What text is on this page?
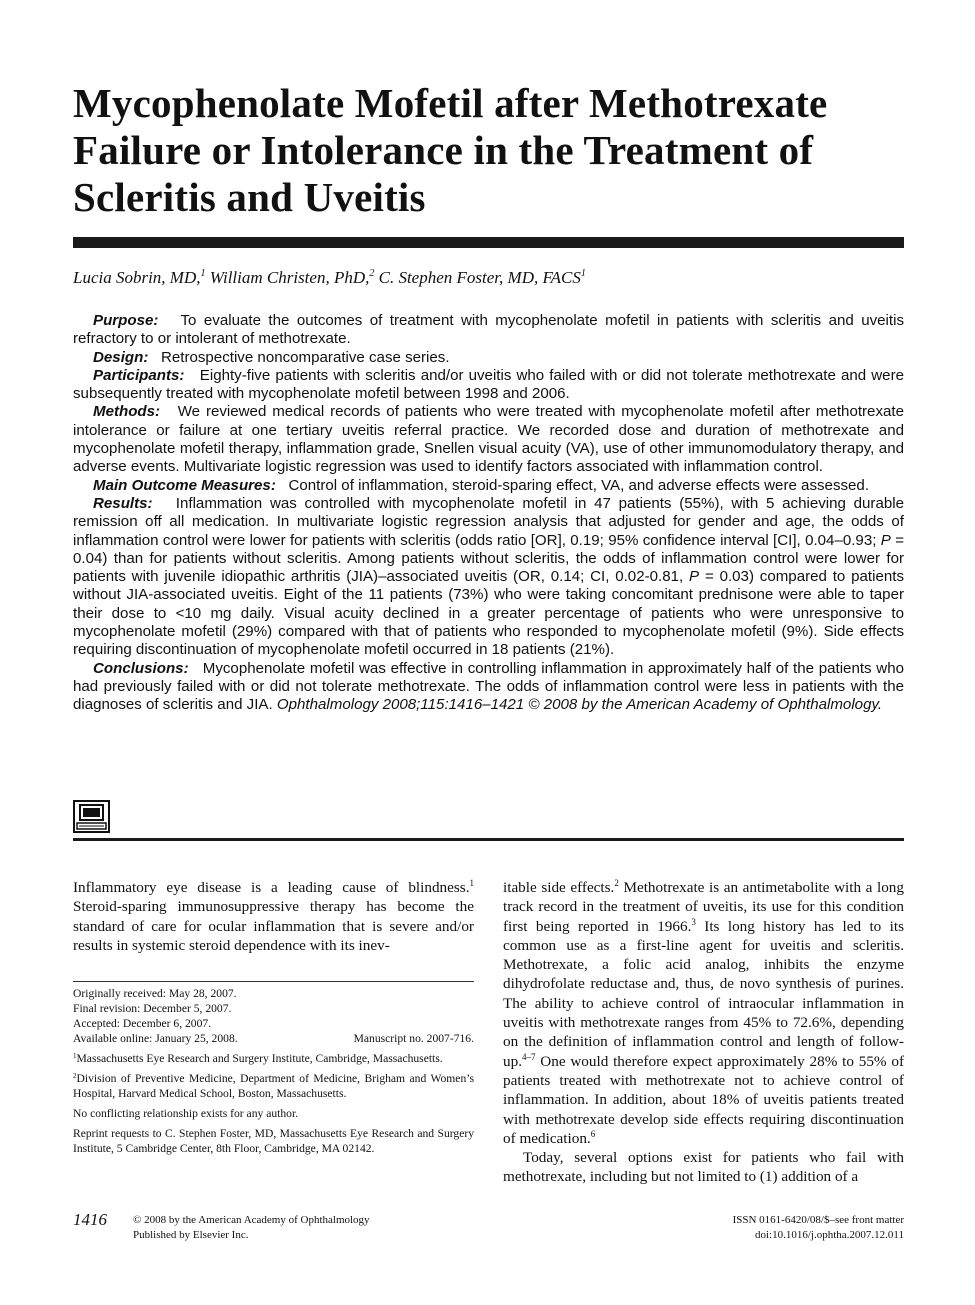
Mycophenolate Mofetil after Methotrexate Failure or Intolerance in the Treatment of Scleritis and Uveitis
Lucia Sobrin, MD,$^1$ William Christen, PhD,$^2$ C. Stephen Foster, MD, FACS$^1$

Purpose: To evaluate the outcomes of treatment with mycophenolate mofetil in patients with scleritis and uveitis refractory to or intolerant of methotrexate.

Design: Retrospective noncomparative case series.

Participants: Eighty-five patients with scleritis and/or uveitis who failed with or did not tolerate methotrexate and were subsequently treated with mycophenolate mofetil between 1998 and 2006.

Methods: We reviewed medical records of patients who were treated with mycophenolate mofetil after methotrexate intolerance or failure at one tertiary uveitis referral practice. We recorded dose and duration of methotrexate and mycophenolate mofetil therapy, inflammation grade, Snellen visual acuity (VA), use of other immunomodulatory therapy, and adverse events. Multivariate logistic regression was used to identify factors associated with inflammation control.

Main Outcome Measures: Control of inflammation, steroid-sparing effect, VA, and adverse effects were assessed.

Results: Inflammation was controlled with mycophenolate mofetil in 47 patients (55%), with 5 achieving durable remission off all medication. In multivariate logistic regression analysis that adjusted for gender and age, the odds of inflammation control were lower for patients with scleritis (odds ratio [OR], 0.19; 95% confidence interval [CI], 0.04–0.93; P = 0.04) than for patients without scleritis. Among patients without scleritis, the odds of inflammation control were lower for patients with juvenile idiopathic arthritis (JIA)–associated uveitis (OR, 0.14; CI, 0.02-0.81, P = 0.03) compared to patients without JIA-associated uveitis. Eight of the 11 patients (73%) who were taking concomitant prednisone were able to taper their dose to <10 mg daily. Visual acuity declined in a greater percentage of patients who were unresponsive to mycophenolate mofetil (29%) compared with that of patients who responded to mycophenolate mofetil (9%). Side effects requiring discontinuation of mycophenolate mofetil occurred in 18 patients (21%).

Conclusions: Mycophenolate mofetil was effective in controlling inflammation in approximately half of the patients who had previously failed with or did not tolerate methotrexate. The odds of inflammation control were less in patients with the diagnoses of scleritis and JIA. Ophthalmology 2008;115:1416–1421 © 2008 by the American Academy of Ophthalmology.

Inflammatory eye disease is a leading cause of blindness.$^1$ Steroid-sparing immunosuppressive therapy has become the standard of care for ocular inflammation that is severe and/or results in systemic steroid dependence with its inev-

Originally received: May 28, 2007.

Final revision: December 5, 2007.

Accepted: December 6, 2007.

Available online: January 25, 2008.	Manuscript no. 2007-716.

$^1$Massachusetts Eye Research and Surgery Institute, Cambridge, Massachusetts.

$^2$Division of Preventive Medicine, Department of Medicine, Brigham and Women’s Hospital, Harvard Medical School, Boston, Massachusetts.

No conflicting relationship exists for any author.

Reprint requests to C. Stephen Foster, MD, Massachusetts Eye Research and Surgery Institute, 5 Cambridge Center, 8th Floor, Cambridge, MA 02142.

itable side effects.$^2$ Methotrexate is an antimetabolite with a long track record in the treatment of uveitis, its use for this condition first being reported in 1966.$^3$ Its long history has led to its common use as a first-line agent for uveitis and scleritis. Methotrexate, a folic acid analog, inhibits the enzyme dihydrofolate reductase and, thus, de novo synthesis of purines. The ability to achieve control of intraocular inflammation in uveitis with methotrexate ranges from 45% to 72.6%, depending on the definition of inflammation control and length of follow-up.$^{4-7}$ One would therefore expect approximately 28% to 55% of patients treated with methotrexate not to achieve control of inflammation. In addition, about 18% of uveitis patients treated with methotrexate develop side effects requiring discontinuation of medication.$^6$

Today, several options exist for patients who fail with methotrexate, including but not limited to (1) addition of a

1416 © 2008 by the American Academy of Ophthalmology
Published by Elsevier Inc.
ISSN 0161-6420/08/$–see front matter
doi:10.1016/j.ophtha.2007.12.011
